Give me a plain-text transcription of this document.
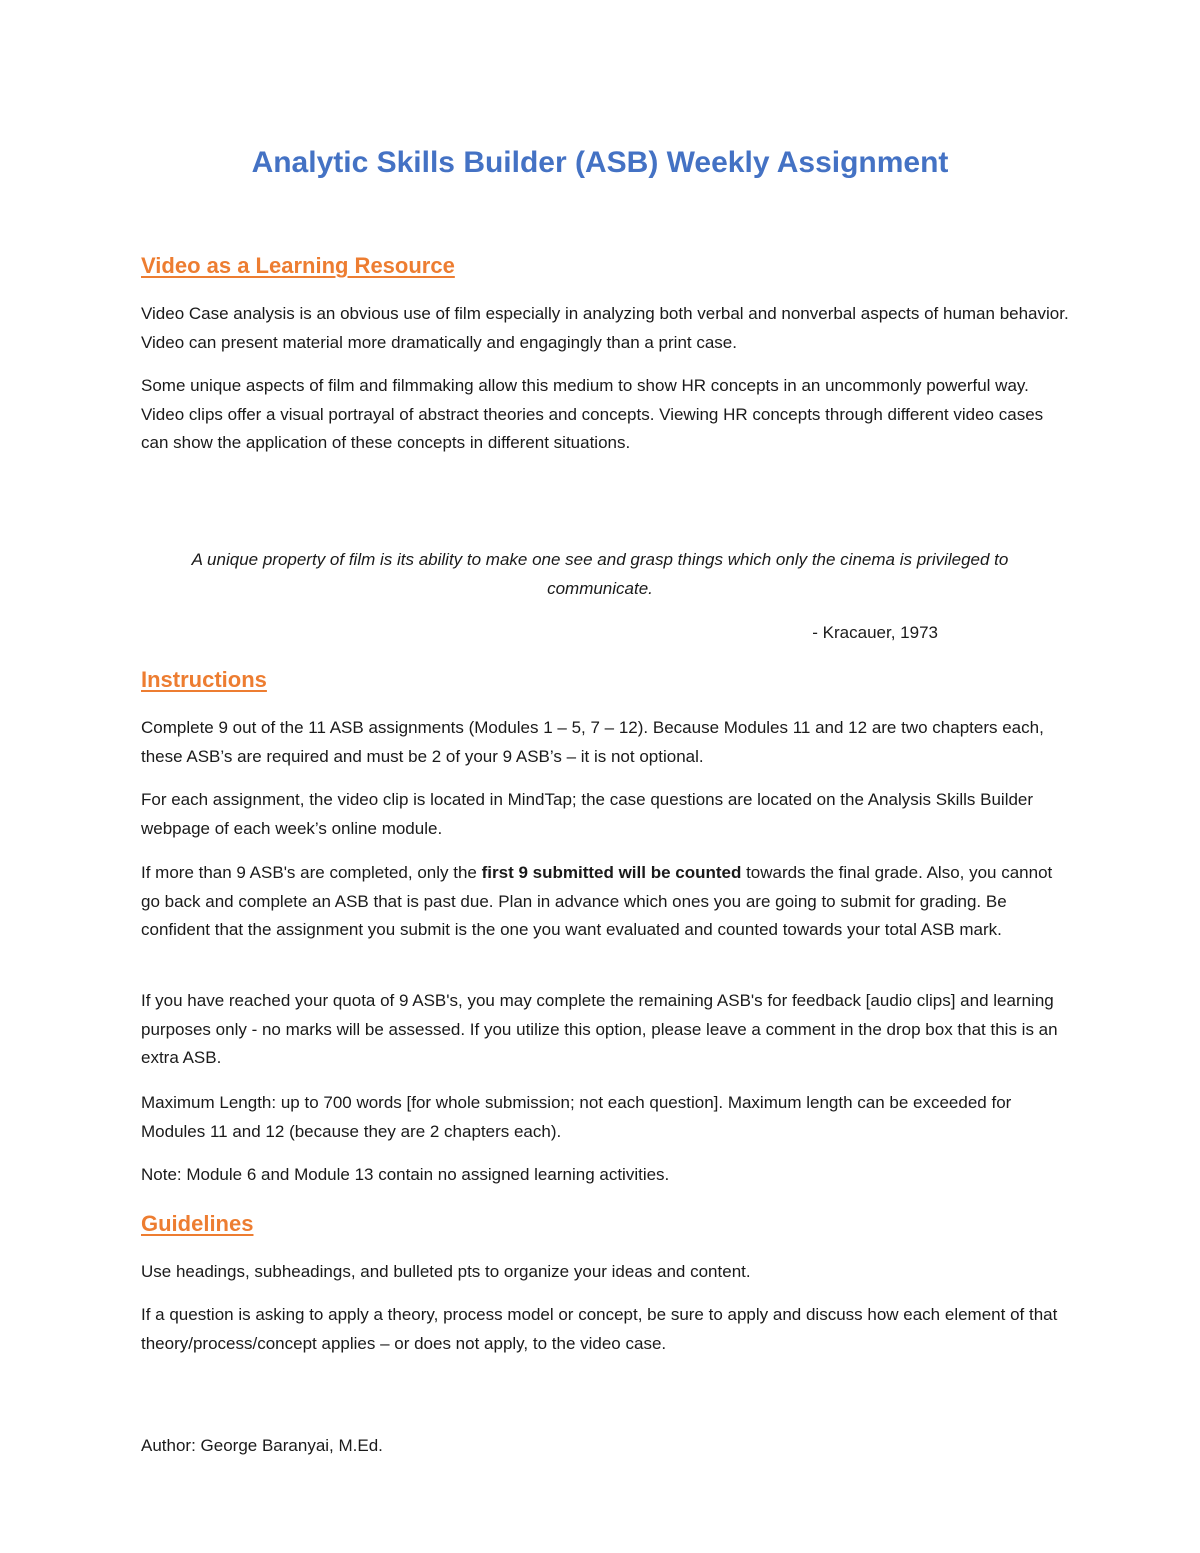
Analytic Skills Builder (ASB) Weekly Assignment
Video as a Learning Resource

Video Case analysis is an obvious use of film especially in analyzing both verbal and nonverbal aspects of human behavior. Video can present material more dramatically and engagingly than a print case.

Some unique aspects of film and filmmaking allow this medium to show HR concepts in an uncommonly powerful way. Video clips offer a visual portrayal of abstract theories and concepts. Viewing HR concepts through different video cases can show the application of these concepts in different situations.

A unique property of film is its ability to make one see and grasp things which only the cinema is privileged to communicate.

- Kracauer, 1973

Instructions

Complete 9 out of the 11 ASB assignments (Modules 1 – 5, 7 – 12). Because Modules 11 and 12 are two chapters each, these ASB’s are required and must be 2 of your 9 ASB’s – it is not optional.

For each assignment, the video clip is located in MindTap; the case questions are located on the Analysis Skills Builder webpage of each week’s online module.

If more than 9 ASB's are completed, only the first 9 submitted will be counted towards the final grade. Also, you cannot go back and complete an ASB that is past due. Plan in advance which ones you are going to submit for grading. Be confident that the assignment you submit is the one you want evaluated and counted towards your total ASB mark.

If you have reached your quota of 9 ASB's, you may complete the remaining ASB's for feedback [audio clips] and learning purposes only - no marks will be assessed. If you utilize this option, please leave a comment in the drop box that this is an extra ASB.

Maximum Length: up to 700 words [for whole submission; not each question]. Maximum length can be exceeded for Modules 11 and 12 (because they are 2 chapters each).

Note: Module 6 and Module 13 contain no assigned learning activities.

Guidelines

Use headings, subheadings, and bulleted pts to organize your ideas and content.

If a question is asking to apply a theory, process model or concept, be sure to apply and discuss how each element of that theory/process/concept applies – or does not apply, to the video case.

Author: George Baranyai, M.Ed.
